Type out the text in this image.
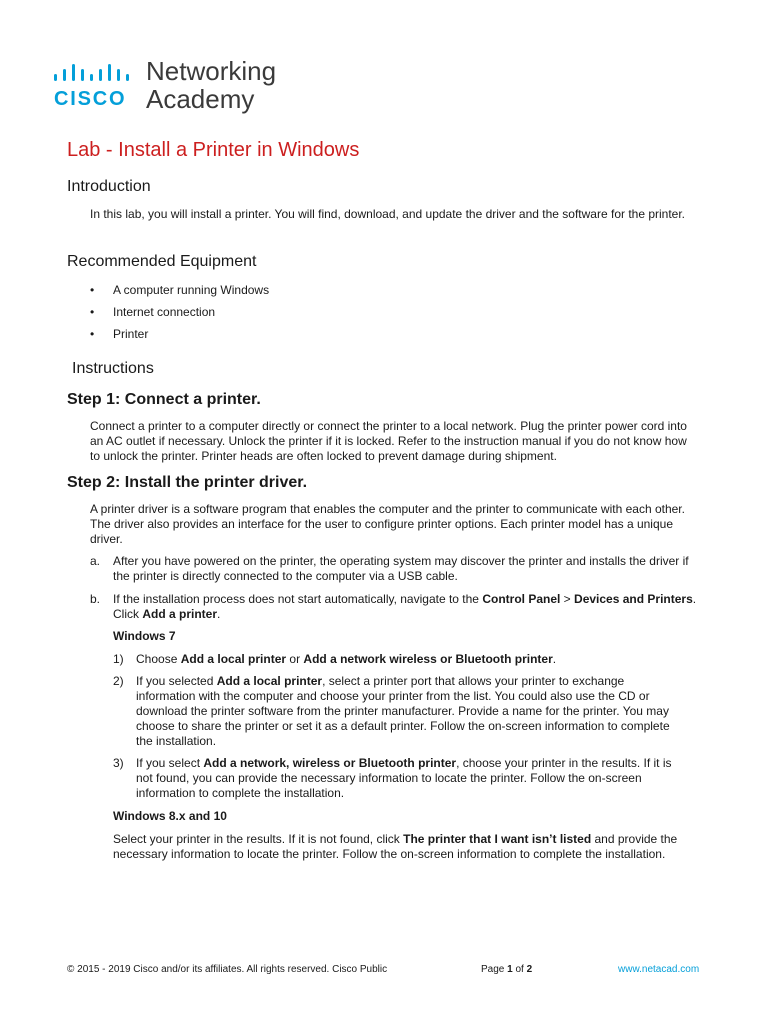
CISCO
Networking
Academy
Lab - Install a Printer in Windows
Introduction

In this lab, you will install a printer. You will find, download, and update the driver and the software for the printer.

Recommended Equipment
• A computer running Windows
• Internet connection
• Printer
Instructions
Step 1: Connect a printer.

Connect a printer to a computer directly or connect the printer to a local network. Plug the printer power cord into an AC outlet if necessary. Unlock the printer if it is locked. Refer to the instruction manual if you do not know how to unlock the printer. Printer heads are often locked to prevent damage during shipment.

Step 2: Install the printer driver.

A printer driver is a software program that enables the computer and the printer to communicate with each other. The driver also provides an interface for the user to configure printer options. Each printer model has a unique driver.

a. After you have powered on the printer, the operating system may discover the printer and installs the driver if the printer is directly connected to the computer via a USB cable.
b. If the installation process does not start automatically, navigate to the Control Panel > Devices and Printers. Click Add a printer.
Windows 7
1) Choose Add a local printer or Add a network wireless or Bluetooth printer.
2) If you selected Add a local printer, select a printer port that allows your printer to exchange information with the computer and choose your printer from the list. You could also use the CD or download the printer software from the printer manufacturer. Provide a name for the printer. You may choose to share the printer or set it as a default printer. Follow the on-screen information to complete the installation.
3) If you select Add a network, wireless or Bluetooth printer, choose your printer in the results. If it is not found, you can provide the necessary information to locate the printer. Follow the on-screen information to complete the installation.
Windows 8.x and 10

Select your printer in the results. If it is not found, click The printer that I want isn’t listed and provide the necessary information to locate the printer. Follow the on-screen information to complete the installation.

© 2015 - 2019 Cisco and/or its affiliates. All rights reserved. Cisco Public	Page 1 of 2	www.netacad.com
